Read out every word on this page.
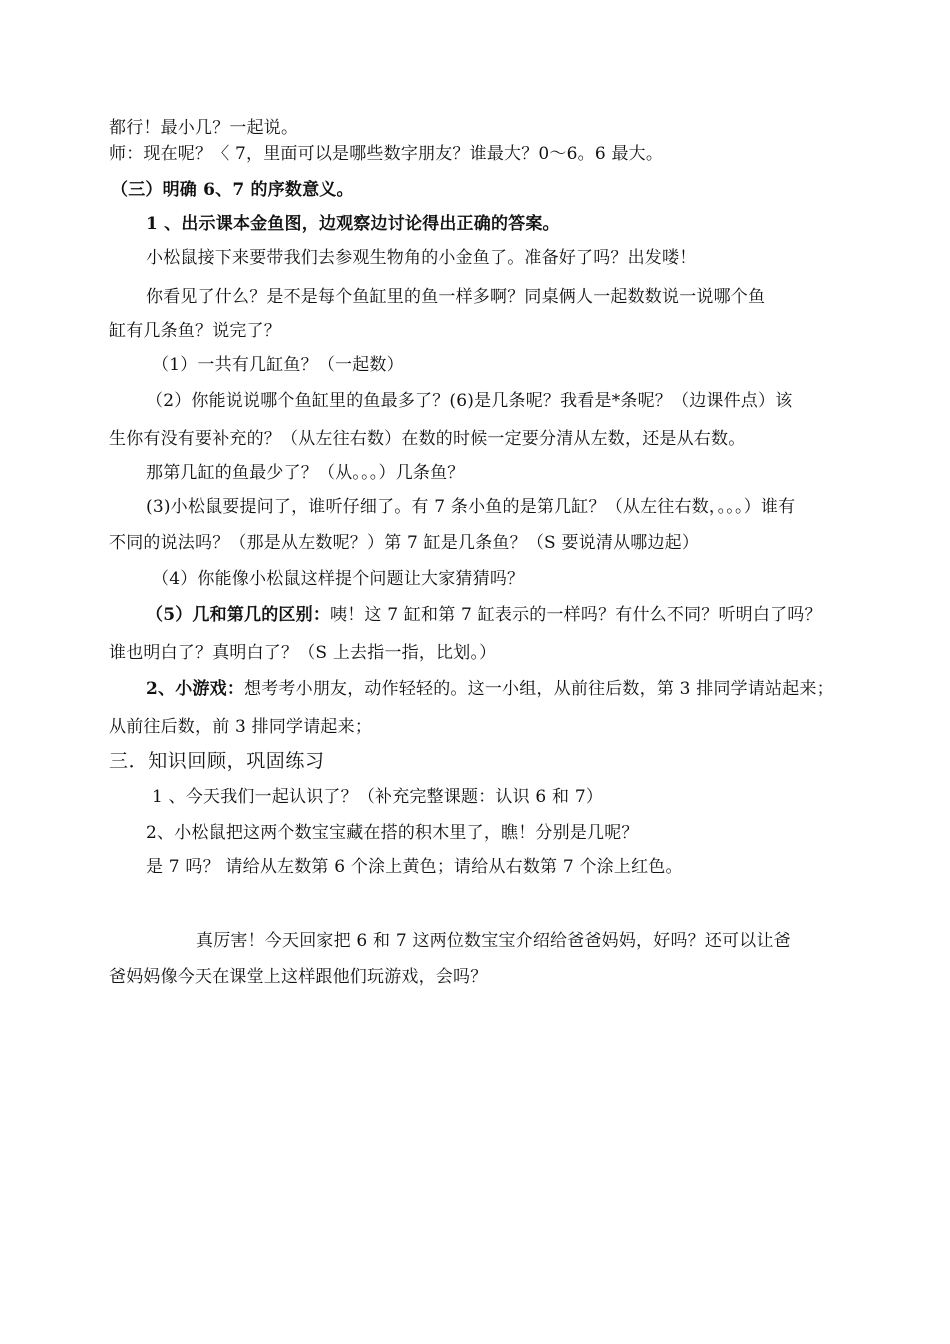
都行！最小几？一起说。
师：现在呢？〈 7，里面可以是哪些数字朋友？谁最大？0～6。6 最大。
（三）明确 6、7 的序数意义。
1 、出示课本金鱼图，边观察边讨论得出正确的答案。
小松鼠接下来要带我们去参观生物角的小金鱼了。准备好了吗？出发喽！
你看见了什么？是不是每个鱼缸里的鱼一样多啊？同桌俩人一起数数说一说哪个鱼
缸有几条鱼？说完了？
（1）一共有几缸鱼？（一起数）
（2）你能说说哪个鱼缸里的鱼最多了？(6)是几条呢？我看是*条呢？（边课件点）该
生你有没有要补充的？（从左往右数）在数的时候一定要分清从左数，还是从右数。
那第几缸的鱼最少了？（从。。。）几条鱼？
(3)小松鼠要提问了，谁听仔细了。有 7 条小鱼的是第几缸？（从左往右数，。。。）谁有
不同的说法吗？（那是从左数呢？）第 7 缸是几条鱼？（S 要说清从哪边起）
（4）你能像小松鼠这样提个问题让大家猜猜吗？
（5）几和第几的区别：咦！这 7 缸和第 7 缸表示的一样吗？有什么不同？听明白了吗？
谁也明白了？真明白了？（S 上去指一指，比划。）
2、小游戏：想考考小朋友，动作轻轻的。这一小组，从前往后数，第 3 排同学请站起来；
从前往后数，前 3 排同学请起来；
三．知识回顾，巩固练习
1 、今天我们一起认识了？（补充完整课题：认识 6 和 7）
2、小松鼠把这两个数宝宝藏在搭的积木里了，瞧！分别是几呢？
是 7 吗？ 请给从左数第 6 个涂上黄色；请给从右数第 7 个涂上红色。
真厉害！今天回家把 6 和 7 这两位数宝宝介绍给爸爸妈妈，好吗？还可以让爸
爸妈妈像今天在课堂上这样跟他们玩游戏，会吗？
